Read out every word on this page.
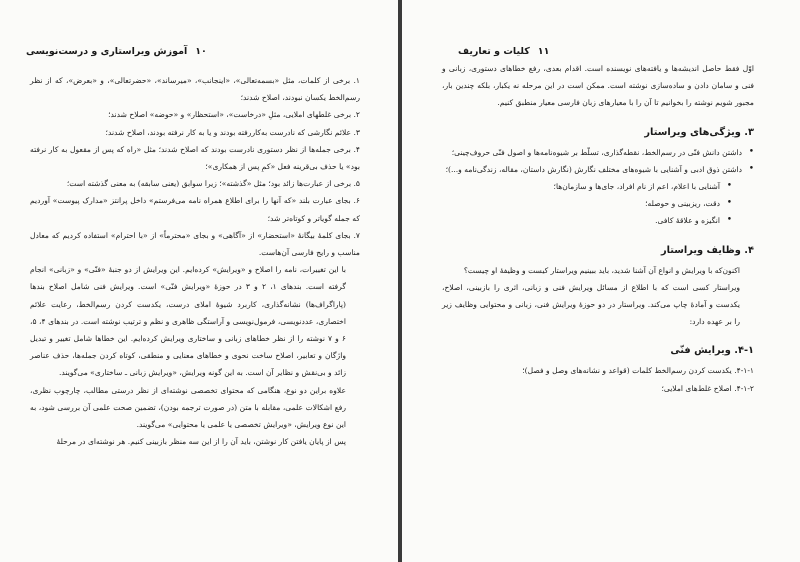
۱۰
آموزش ویراستاری و درست‌نویسی

۱. برخی از کلمات، مثل «بسمه‌تعالی»، «اینجانب»، «میرساند»، «حضرتعالی»، و «بعرض»، که از نظر رسم‌الخط یکسان نبودند، اصلاح شدند؛

۲. برخی غلطهای املایی، مثلِ «درخاست»، «استحظار» و «حوضه» اصلاح شدند؛

۳. علائم نگارشی که نادرست به‌کاررفته بودند و یا به کار نرفته بودند، اصلاح شدند؛

۴. برخی جمله‌ها از نظر دستوری نادرست بودند که اصلاح شدند؛ مثل «راه که پس از مقعول به کار نرفته بود» یا حذف بی‌قرینه فعل «کمِ پس از همکاری»؛

۵. برخی از عبارت‌ها زائد بود؛ مثل «گذشته»؛ زیرا سوابق (یعنی سابقه) به معنی گذشته است؛

۶. بجای عبارت بلند «که آنها را برای اطلاع همراه نامه می‌فرستم» داخل پرانتز «مدارک پیوست» آوردیم که جمله گویاتر و کوتاه‌تر شد؛

۷. بجای کلمهٔ بیگانهٔ «استحضار» از «آگاهی» و بجای «محترماً» از «با احترام» استفاده کردیم که معادل مناسب و رایج فارسی آن‌هاست.

با این تغییرات، نامه را اصلاح و «ویرایش» کرده‌ایم. این ویرایش از دو جنبهٔ «فنّی» و «زبانی» انجام گرفته است. بندهای ۱، ۲ و ۳ در حوزهٔ «ویرایش فنّی» است. ویرایش فنی شامل اصلاح بندها (پاراگراف‌ها) نشانه‌گذاری، کاربرد شیوهٔ املای درست، یکدست کردن رسم‌الخط، رعایت علائم اختصاری، عددنویسی، فرمول‌نویسی و آراستگی ظاهری و نظم و ترتیب نوشته است. در بندهای ۴، ۵، ۶ و ۷ نوشته را از نظر خطاهای زبانی و ساختاری ویرایش کرده‌ایم. این خطاها شامل تغییر و تبدیل واژگان و تعابیر، اصلاح ساخت نحوی و خطاهای معنایی و منطقی، کوتاه کردن جمله‌ها، حذف عناصر زائد و بی‌نقش و نظایر آن است. به این گونه ویرایش، «ویرایش زبانی ـ ساختاری» می‌گویند.

علاوه براین دو نوع، هنگامی که محتوای تخصصی نوشته‌ای از نظر درستی مطالب، چارچوب نظری، رفع اشکالات علمی، مقابله با متن (در صورت ترجمه بودن)، تضمین صحت علمی آن بررسی شود، به این نوع ویرایش، «ویرایش تخصصی یا علمی یا محتوایی» می‌گویند.

پس از پایان یافتن کار نوشتن، باید آن را از این سه منظر بازبینی کنیم. هر نوشته‌ای در مرحلهٔ

۱۱
کلیات و تعاریف

اوّل فقط حاصل اندیشه‌ها و یافته‌های نویسنده است. اقدام بعدی، رفع خطاهای دستوری، زبانی و فنی و سامان دادن و ساده‌سازی نوشته است. ممکن است در این مرحله نه یکبار، بلکه چندین بار، مجبور شویم نوشته را بخوانیم تا آن را با معیارهای زبان فارسی معیار منطبق کنیم.

۳. ویژگی‌های ویراستار

• داشتن دانش فنّی در رسم‌الخط، نقطه‌گذاری، تسلّط بر شیوه‌نامه‌ها و اصول فنّی حروف‌چینی؛

• داشتن ذوق ادبی و آشنایی با شیوه‌های مختلف نگارش (نگارش داستان، مقاله، زندگی‌نامه و...)؛

• آشنایی با اعلام، اعم از نام افراد، جای‌ها و سازمان‌ها؛

• دقت، ریزبینی و حوصله؛

• انگیزه و علاقهٔ کافی.

۴. وظایف ویراستار

اکنون‌که با ویرایش و انواع آن آشنا شدید، باید ببینیم ویراستار کیست و وظیفهٔ او چیست؟

ویراستار کسی است که با اطلاع از مسائل ویرایش فنی و زبانی، اثری را بازبینی، اصلاح، یکدست و آمادهٔ چاپ می‌کند. ویراستار در دو حوزهٔ ویرایش فنی، زبانی و محتوایی وظایف زیر را بر عهده دارد:

۴-۱. ویرایش فنّی

۴-۱-۱. یکدست کردن رسم‌الخط کلمات (قواعد و نشانه‌های وصل و فصل)؛

۴-۱-۲. اصلاح غلط‌های املایی؛
